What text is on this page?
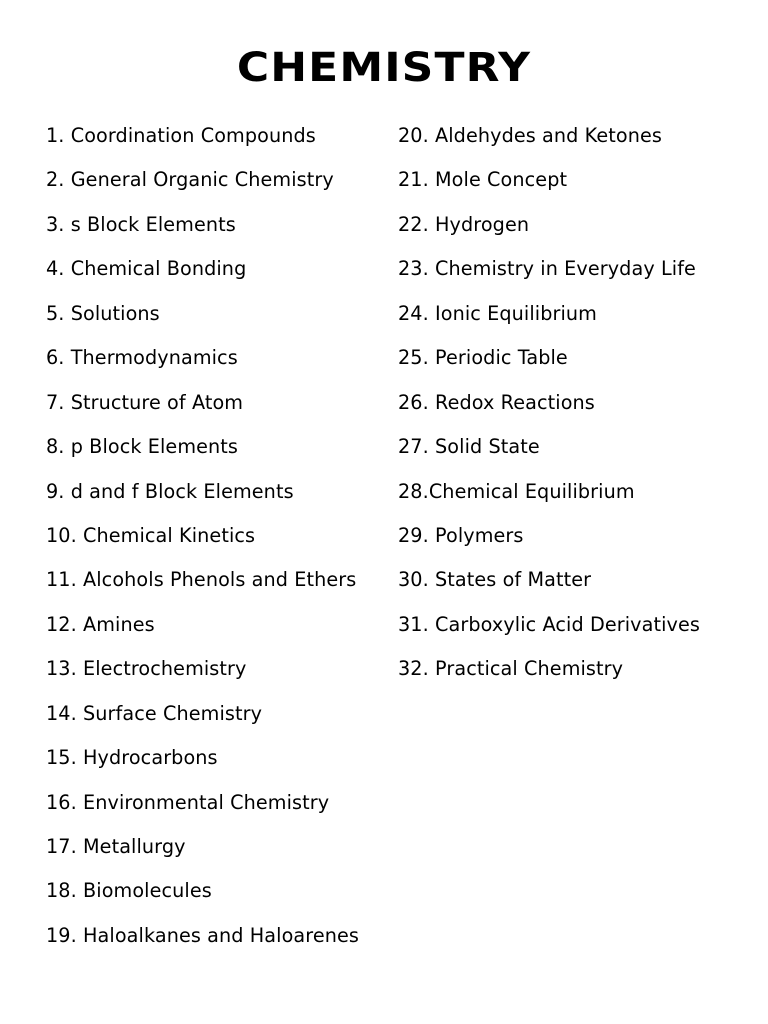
CHEMISTRY
1. Coordination Compounds
2. General Organic Chemistry
3. s Block Elements
4. Chemical Bonding
5. Solutions
6. Thermodynamics
7. Structure of Atom
8. p Block Elements
9. d and f Block Elements
10. Chemical Kinetics
11. Alcohols Phenols and Ethers
12. Amines
13. Electrochemistry
14. Surface Chemistry
15. Hydrocarbons
16. Environmental Chemistry
17. Metallurgy
18. Biomolecules
19. Haloalkanes and Haloarenes
20. Aldehydes and Ketones
21. Mole Concept
22. Hydrogen
23. Chemistry in Everyday Life
24. Ionic Equilibrium
25. Periodic Table
26. Redox Reactions
27. Solid State
28.Chemical Equilibrium
29. Polymers
30. States of Matter
31. Carboxylic Acid Derivatives
32. Practical Chemistry
